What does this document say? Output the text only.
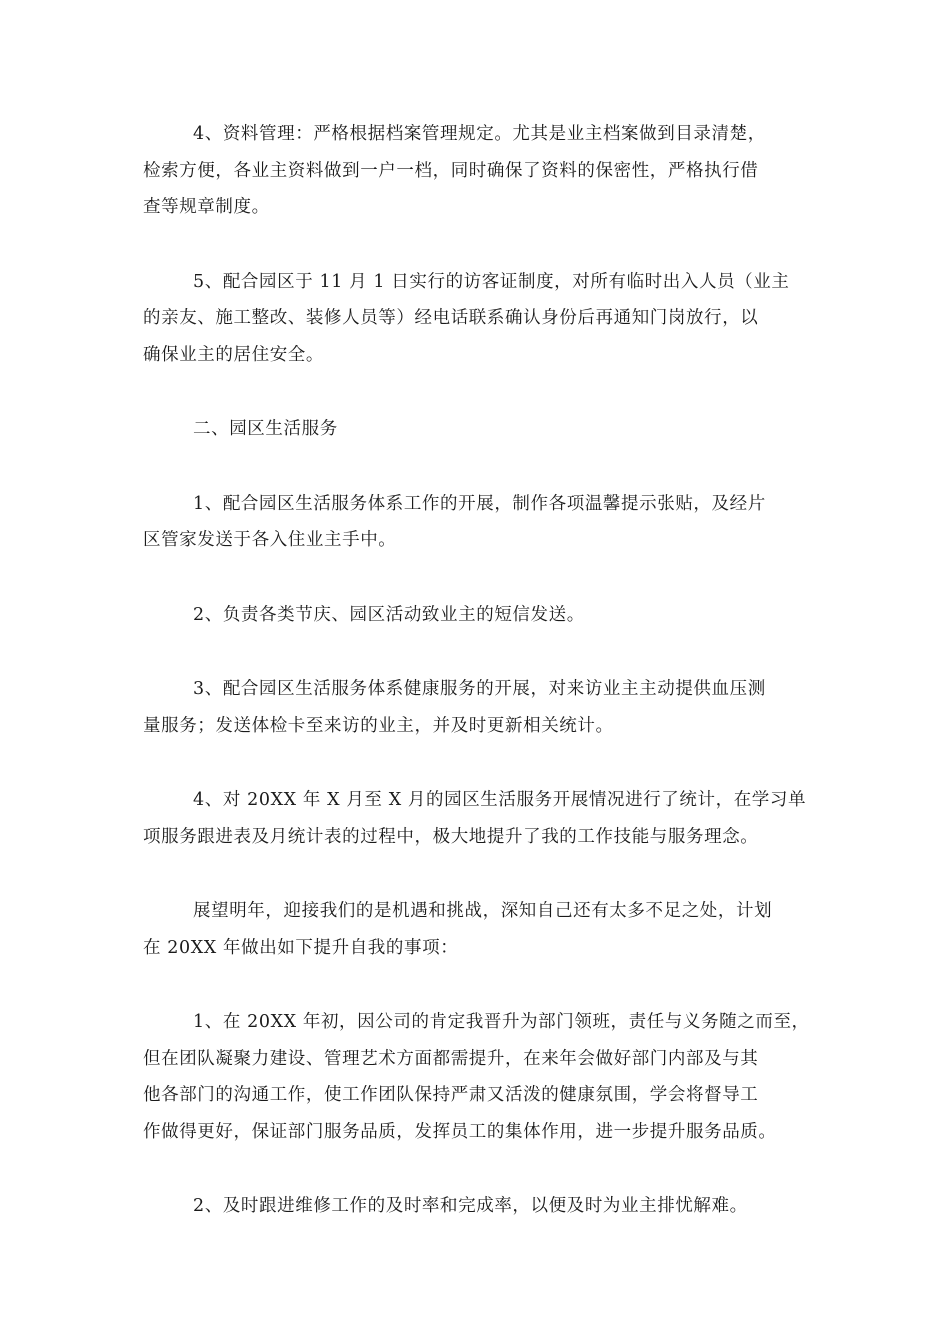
4、资料管理：严格根据档案管理规定。尤其是业主档案做到目录清楚，
检索方便，各业主资料做到一户一档，同时确保了资料的保密性，严格执行借
查等规章制度。

5、配合园区于 11 月 1 日实行的访客证制度，对所有临时出入人员（业主
的亲友、施工整改、装修人员等）经电话联系确认身份后再通知门岗放行，以
确保业主的居住安全。

二、园区生活服务

1、配合园区生活服务体系工作的开展，制作各项温馨提示张贴，及经片
区管家发送于各入住业主手中。

2、负责各类节庆、园区活动致业主的短信发送。

3、配合园区生活服务体系健康服务的开展，对来访业主主动提供血压测
量服务；发送体检卡至来访的业主，并及时更新相关统计。

4、对 20XX 年 X 月至 X 月的园区生活服务开展情况进行了统计，在学习单
项服务跟进表及月统计表的过程中，极大地提升了我的工作技能与服务理念。

展望明年，迎接我们的是机遇和挑战，深知自己还有太多不足之处，计划
在 20XX 年做出如下提升自我的事项：

1、在 20XX 年初，因公司的肯定我晋升为部门领班，责任与义务随之而至，
但在团队凝聚力建设、管理艺术方面都需提升，在来年会做好部门内部及与其
他各部门的沟通工作，使工作团队保持严肃又活泼的健康氛围，学会将督导工
作做得更好，保证部门服务品质，发挥员工的集体作用，进一步提升服务品质。

2、及时跟进维修工作的及时率和完成率，以便及时为业主排忧解难。
